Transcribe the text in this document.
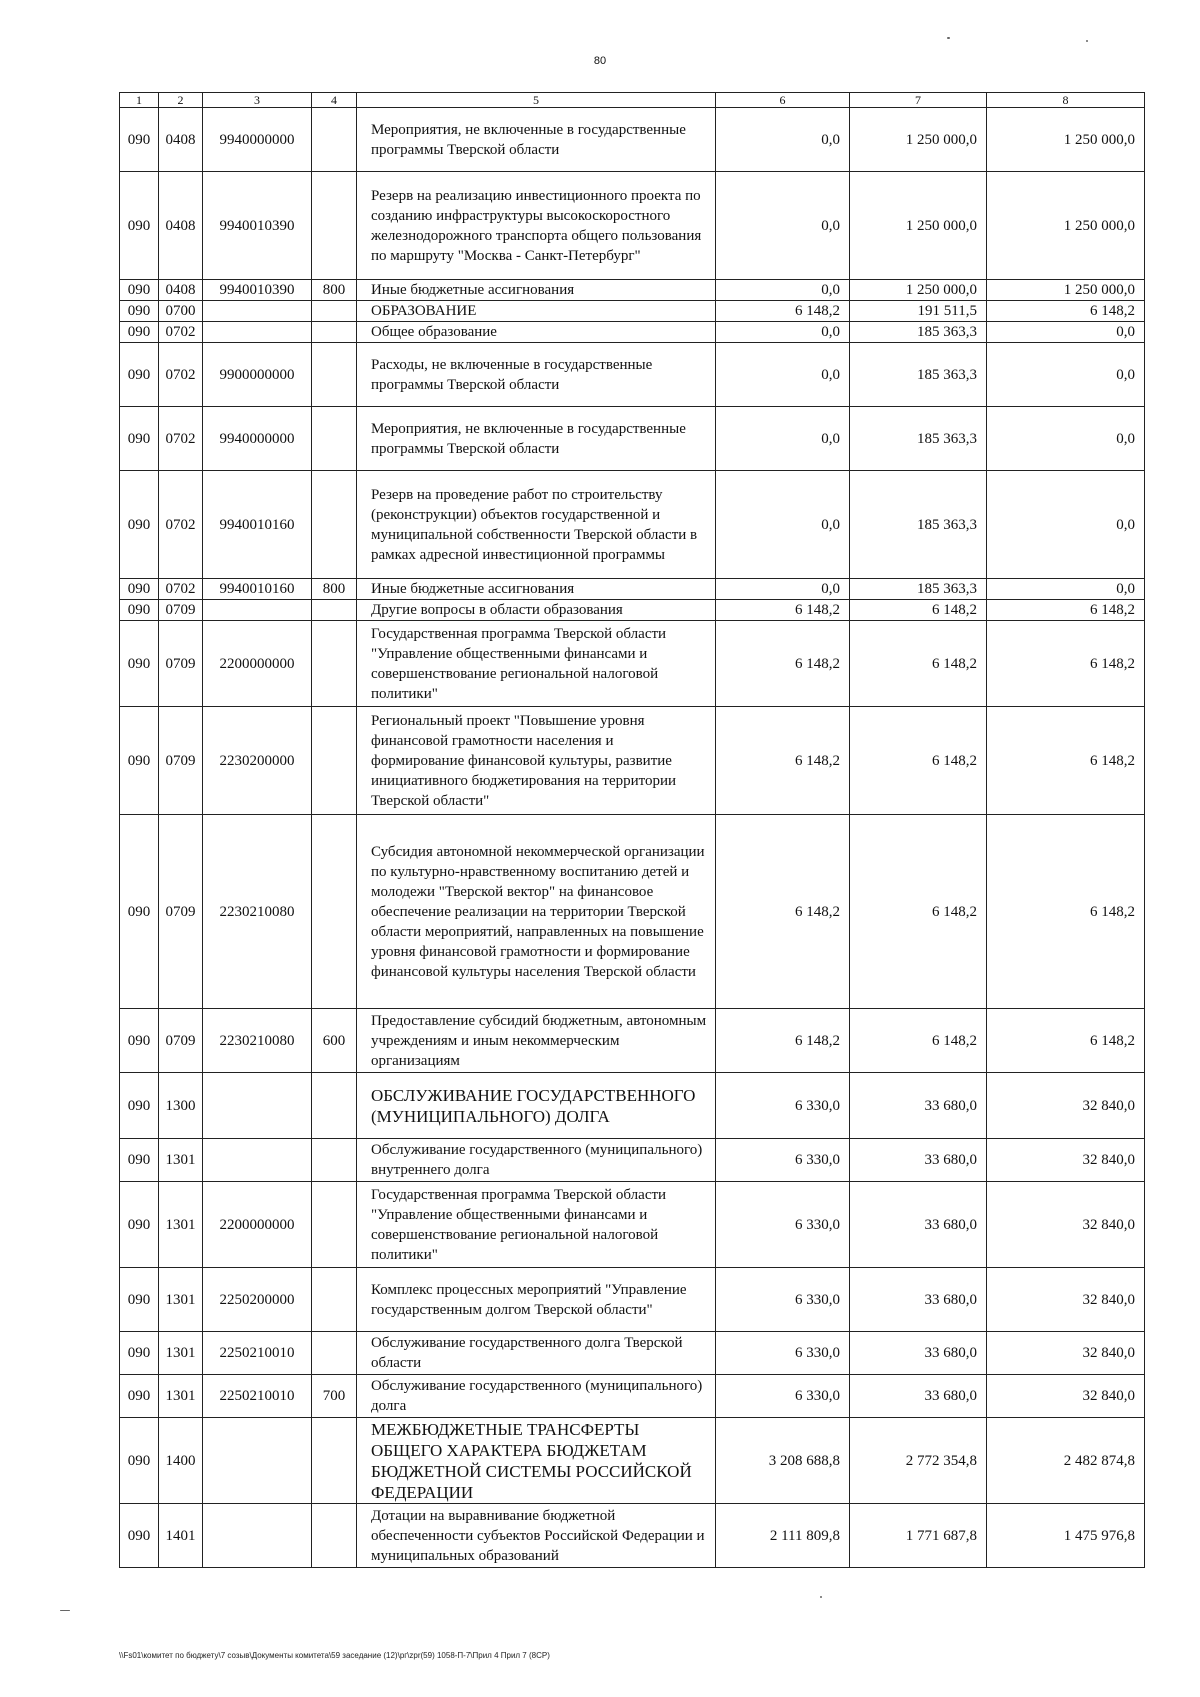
80
1	2	3	4	5	6	7	8
090	0408	9940000000		Мероприятия, не включенные в государственные программы Тверской области	0,0	1 250 000,0	1 250 000,0
090	0408	9940010390		Резерв на реализацию инвестиционного проекта по созданию инфраструктуры высокоскоростного железнодорожного транспорта общего пользования по маршруту "Москва - Санкт-Петербург"	0,0	1 250 000,0	1 250 000,0
090	0408	9940010390	800	Иные бюджетные ассигнования	0,0	1 250 000,0	1 250 000,0
090	0700			ОБРАЗОВАНИЕ	6 148,2	191 511,5	6 148,2
090	0702			Общее образование	0,0	185 363,3	0,0
090	0702	9900000000		Расходы, не включенные в государственные программы Тверской области	0,0	185 363,3	0,0
090	0702	9940000000		Мероприятия, не включенные в государственные программы Тверской области	0,0	185 363,3	0,0
090	0702	9940010160		Резерв на проведение работ по строительству (реконструкции) объектов государственной и муниципальной собственности Тверской области в рамках адресной инвестиционной программы	0,0	185 363,3	0,0
090	0702	9940010160	800	Иные бюджетные ассигнования	0,0	185 363,3	0,0
090	0709			Другие вопросы в области образования	6 148,2	6 148,2	6 148,2
090	0709	2200000000		Государственная программа Тверской области "Управление общественными финансами и совершенствование региональной налоговой политики"	6 148,2	6 148,2	6 148,2
090	0709	2230200000		Региональный проект "Повышение уровня финансовой грамотности населения и формирование финансовой культуры, развитие инициативного бюджетирования на территории Тверской области"	6 148,2	6 148,2	6 148,2
090	0709	2230210080		Субсидия автономной некоммерческой организации по культурно-нравственному воспитанию детей и молодежи "Тверской вектор" на финансовое обеспечение реализации на территории Тверской области мероприятий, направленных на повышение уровня финансовой грамотности и формирование финансовой культуры населения Тверской области	6 148,2	6 148,2	6 148,2
090	0709	2230210080	600	Предоставление субсидий бюджетным, автономным учреждениям и иным некоммерческим организациям	6 148,2	6 148,2	6 148,2
090	1300			ОБСЛУЖИВАНИЕ ГОСУДАРСТВЕННОГО (МУНИЦИПАЛЬНОГО) ДОЛГА	6 330,0	33 680,0	32 840,0
090	1301			Обслуживание государственного (муниципального) внутреннего долга	6 330,0	33 680,0	32 840,0
090	1301	2200000000		Государственная программа Тверской области "Управление общественными финансами и совершенствование региональной налоговой политики"	6 330,0	33 680,0	32 840,0
090	1301	2250200000		Комплекс процессных мероприятий "Управление государственным долгом Тверской области"	6 330,0	33 680,0	32 840,0
090	1301	2250210010		Обслуживание государственного долга Тверской области	6 330,0	33 680,0	32 840,0
090	1301	2250210010	700	Обслуживание государственного (муниципального) долга	6 330,0	33 680,0	32 840,0
090	1400			МЕЖБЮДЖЕТНЫЕ ТРАНСФЕРТЫ ОБЩЕГО ХАРАКТЕРА БЮДЖЕТАМ БЮДЖЕТНОЙ СИСТЕМЫ РОССИЙСКОЙ ФЕДЕРАЦИИ	3 208 688,8	2 772 354,8	2 482 874,8
090	1401			Дотации на выравнивание бюджетной обеспеченности субъектов Российской Федерации и муниципальных образований	2 111 809,8	1 771 687,8	1 475 976,8
\\Fs01\комитет по бюджету\7 созыв\Документы комитета\59 заседание (12)\рг\zpr(59) 1058-П-7\Прил 4 Прил 7 (8CP)
